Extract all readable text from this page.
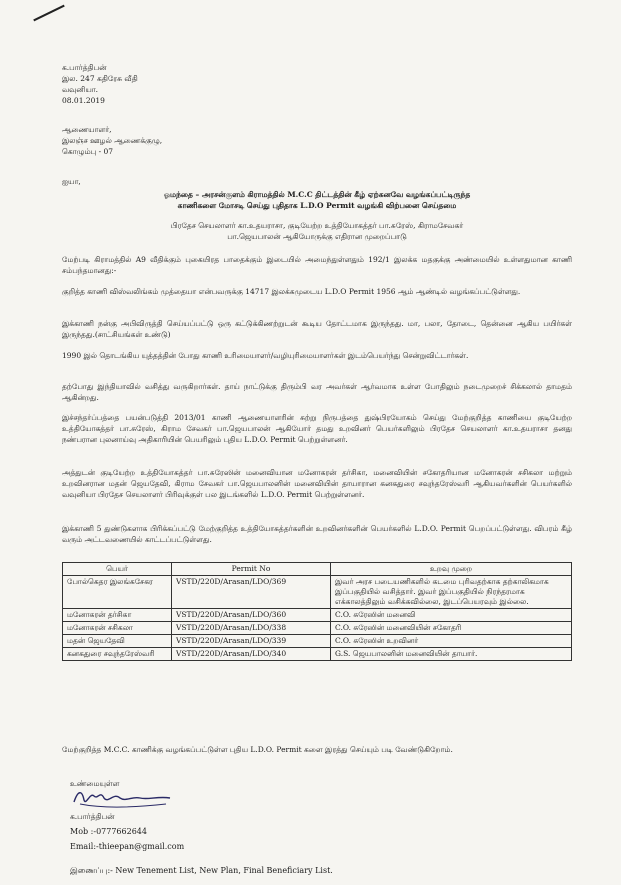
க.பார்த்திபன்
இல. 247 கதிரேசு வீதி
வவுனியா.
08.01.2019
ஆணையாளர்,
இலஞ்ச ஊழல் ஆணைக்குழு,
கொழும்பு - 07
ஐயா,
ஓமந்தை – அரசன்குளம் கிராமத்தில் M.C.C திட்டத்தின் கீழ் ஏற்கனவே வழங்கப்பட்டிருந்த
காணிகளை மோசடி செய்து புதிதாக L.D.O Permit வழங்கி விற்பனை செய்தமை
பிரதேச செயலாளர் கா.உதயராசா, குடியேற்ற உத்தியோகத்தர் பா.சுரேஸ், கிராமசேவகர்
பா.ஜெயபாலன் ஆகியோருக்கு எதிரான முறைப்பாடு
மேற்படி கிராமத்தில் A9 வீதிக்கும் புகையிரத பாதைக்கும் இடையில் அமைந்துள்ளதும் 192/1 இலக்க மதகுக்கு அண்மையில் உள்ளதுமான காணி சம்பந்தமானது:-
குறித்த காணி விஸ்வலிங்கம் முத்தையா என்பவருக்கு 14717 இலக்கமுடைய L.D.O Permit 1956 ஆம் ஆண்டில் வழங்கப்பட்டுள்ளது.
இக்காணி நன்கு அபிவிருத்தி செய்யப்பட்டு ஒரு கட்டுக்கிணற்றுடன் கூடிய தோட்டமாக இருந்தது. மா, பலா, தோடை, தென்னை ஆகிய பயிர்கள் இருந்தது.(சாட்சியங்கள் உண்டு)
1990 இல் தொடங்கிய யுத்தத்தின் போது காணி உரிமையாளர்/வழியுரிமையாளர்கள் இடம்பெயர்ந்து சென்றுவிட்டார்கள்.
தற்போது இந்தியாவில் வசித்து வருகிறார்கள். தாய் நாட்டுக்கு திரும்பி வர அவர்கள் ஆர்வமாக உள்ள போதிலும் நடைமுறைச் சிக்கலால் தாமதம் ஆகின்றது.
இச்சந்தர்ப்பத்தை பயன்படுத்தி 2013/01 காணி ஆணையாளரின் சுற்று நிருபத்தை துஷ்பிரயோகம் செய்து மேற்குறித்த காணியை குடியேற்ற உத்தியோகத்தர் பா.சுரேஸ், கிராம சேவகர் பா.ஜெயபாலன் ஆகியோர் தமது உறவினர் பெயர்களிலும் பிரதேச செயலாளர் கா.உதயராசா தனது நண்பரான புலனாய்வு அதிகாரியின் பெயரிலும் புதிய L.D.O. Permit பெற்றுள்ளனர்.
அத்துடன் குடியேற்ற உத்தியோகத்தர் பா.சுரேஸின் மனைவியான மனோகரன் தர்சிகா, மனைவியின் சகோதரியான மனோகரன் சசிகலா மற்றும் உறவினரான மதன் ஜெயதேவி, கிராம சேவகர் பா.ஜெயபாலனின் மனைவியின் தாயாரான கனகதுரை சவுந்தரேஸ்வரி ஆகியவர்களின் பெயர்களில் வவுனியா பிரதேச செயலாளர் பிரிவுக்குள் பல இடங்களில் L.D.O. Permit பெற்றுள்ளனர்.
இக்காணி 5 துண்டுகளாக பிரிக்கப்பட்டு மேற்குறித்த உத்தியோகத்தர்களின் உறவினர்களின் பெயர்களில் L.D.O. Permit பெறப்பட்டுள்ளது. விபரம் கீழ் வரும் அட்டவணையில் காட்டப்பட்டுள்ளது.
பெயர்	Permit No	உறவு முறை
போல்கெதர இலங்கசேகர	VSTD/220D/Arasan/LDO/369	இவர் அரச படையணிகளில் கடமை புரிவதற்காக தற்காலிகமாக இப்பகுதியில் வசித்தார். இவர் இப்பகுதியில் நிரந்தரமாக எக்காலத்திலும் வசிக்கவில்லை, இடப்பெயரவும் இல்லை.
மனோகரன் தர்சிகா	VSTD/220D/Arasan/LDO/360	C.O. சுரேஸின் மனைவி
மனோகரன் சசிகலா	VSTD/220D/Arasan/LDO/338	C.O. சுரேஸின் மனைவியின் சகோதரி
மதன் ஜெயதேவி	VSTD/220D/Arasan/LDO/339	C.O. சுரேஸின் உறவினர்
கனகதுரை சவுந்தரேஸ்வரி	VSTD/220D/Arasan/LDO/340	G.S. ஜெயபாலனின் மனைவியின் தாயார்.
மேற்குறித்த M.C.C. காணிக்கு வழங்கப்பட்டுள்ள புதிய L.D.O. Permit களை இரத்து செய்யும் படி வேண்டுகிறோம்.
உண்மையுள்ள
க.பார்த்திபன்
Mob :-0777662644
Email:-thieepan@gmail.com
இணைப்பு:- New Tenement List, New Plan, Final Beneficiary List.
